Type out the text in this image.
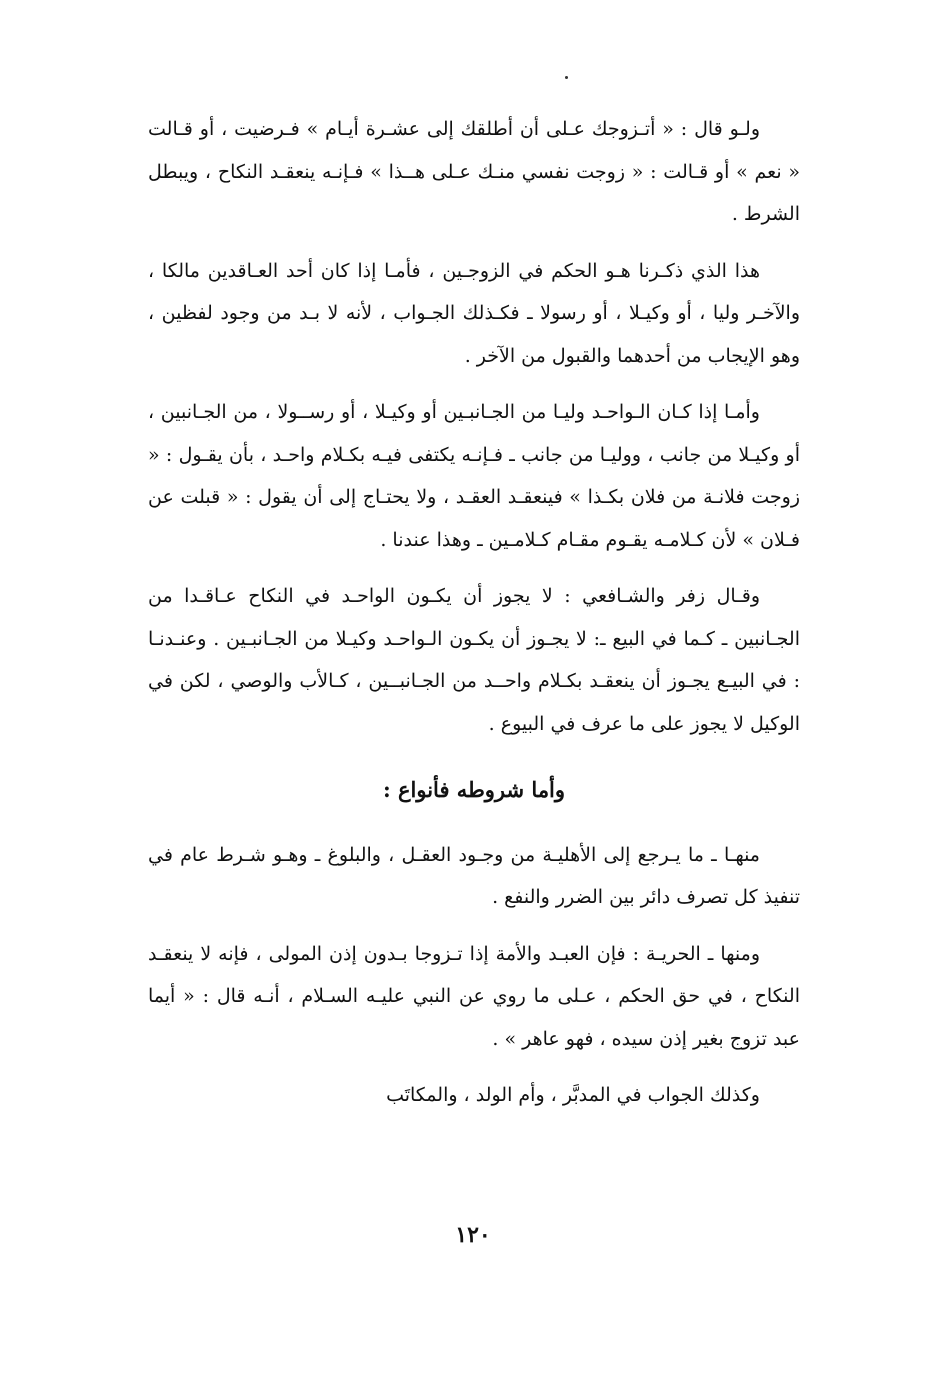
ولـو قال : « أتـزوجك عـلى أن أطلقك إلى عشـرة أيـام » فـرضيت ، أو قـالت « نعم » أو قـالت : « زوجت نفسي منـك عـلى هــذا » فـإنـه ينعقـد النكاح ، ويبطل الشرط .

هذا الذي ذكـرنا هـو الحكم في الزوجـين ، فأمـا إذا كان أحد العـاقدين مالكا ، والآخـر وليا ، أو وكيـلا ، أو رسولا ـ فكـذلك الجـواب ، لأنه لا بـد من وجود لفظين ، وهو الإيجاب من أحدهما والقبول من الآخر .

وأمـا إذا كـان الـواحـد وليـا من الجـانبـين أو وكيـلا ، أو رســولا ، من الجـانبين ، أو وكيـلا من جانب ، ووليـا من جانب ـ فـإنـه يكتفى فيـه بكـلام واحـد ، بأن يقـول : « زوجت فلانـة من فلان بكـذا » فينعقـد العقـد ، ولا يحتـاج إلى أن يقول : « قبلت عن فـلان » لأن كـلامـه يقـوم مقـام كـلامـين ـ وهذا عندنا .

وقـال زفر والشـافعي : لا يجوز أن يكـون الواحـد في النكاح عـاقـدا من الجـانبين ـ كـما في البيع ـ: لا يجـوز أن يكـون الـواحـد وكيـلا من الجـانبـين . وعنـدنـا : في البيـع يجـوز أن ينعقـد بكـلام واحــد من الجـانبــين ، كـالأب والوصي ، لكن في الوكيل لا يجوز على ما عرف في البيوع .

وأما شروطه فأنواع :

منهـا ـ ما يـرجع إلى الأهليـة من وجـود العقـل ، والبلوغ ـ وهـو شـرط عام في تنفيذ كل تصرف دائر بين الضرر والنفع .

ومنها ـ الحريـة : فإن العبـد والأمة إذا تـزوجا بـدون إذن المولى ، فإنه لا ينعقـد النكاح ، في حق الحكم ، عـلى ما روي عن النبي عليـه السـلام ، أنـه قال : « أيما عبد تزوج بغير إذن سيده ، فهو عاهر » .

وكذلك الجواب في المدبَّر ، وأم الولد ، والمكاتَب

١٢٠
